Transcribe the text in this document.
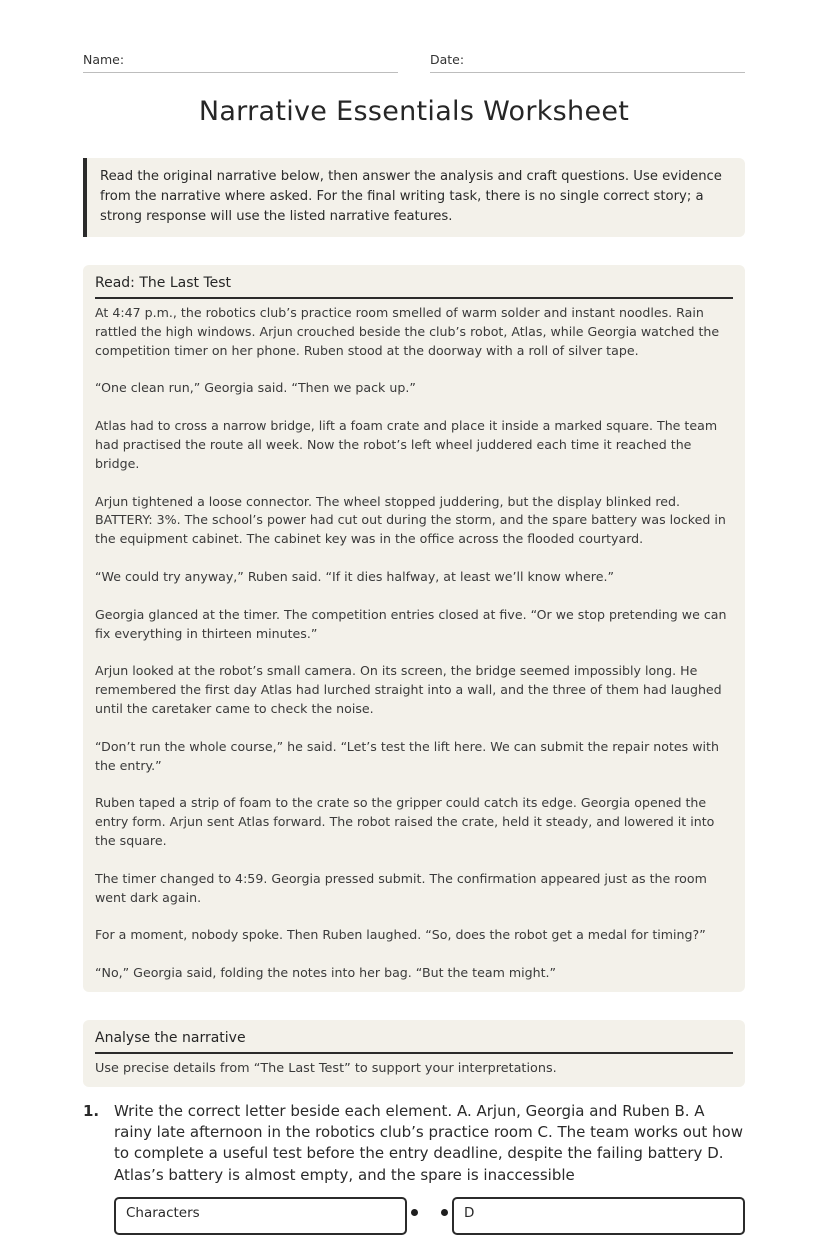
Name:	Date:
Narrative Essentials Worksheet
Read the original narrative below, then answer the analysis and craft questions. Use evidence from the narrative where asked. For the final writing task, there is no single correct story; a strong response will use the listed narrative features.
Read: The Last Test

At 4:47 p.m., the robotics club’s practice room smelled of warm solder and instant noodles. Rain rattled the high windows. Arjun crouched beside the club’s robot, Atlas, while Georgia watched the competition timer on her phone. Ruben stood at the doorway with a roll of silver tape.

“One clean run,” Georgia said. “Then we pack up.”

Atlas had to cross a narrow bridge, lift a foam crate and place it inside a marked square. The team had practised the route all week. Now the robot’s left wheel juddered each time it reached the bridge.

Arjun tightened a loose connector. The wheel stopped juddering, but the display blinked red. BATTERY: 3%. The school’s power had cut out during the storm, and the spare battery was locked in the equipment cabinet. The cabinet key was in the office across the flooded courtyard.

“We could try anyway,” Ruben said. “If it dies halfway, at least we’ll know where.”

Georgia glanced at the timer. The competition entries closed at five. “Or we stop pretending we can fix everything in thirteen minutes.”

Arjun looked at the robot’s small camera. On its screen, the bridge seemed impossibly long. He remembered the first day Atlas had lurched straight into a wall, and the three of them had laughed until the caretaker came to check the noise.

“Don’t run the whole course,” he said. “Let’s test the lift here. We can submit the repair notes with the entry.”

Ruben taped a strip of foam to the crate so the gripper could catch its edge. Georgia opened the entry form. Arjun sent Atlas forward. The robot raised the crate, held it steady, and lowered it into the square.

The timer changed to 4:59. Georgia pressed submit. The confirmation appeared just as the room went dark again.

For a moment, nobody spoke. Then Ruben laughed. “So, does the robot get a medal for timing?”

“No,” Georgia said, folding the notes into her bag. “But the team might.”

Analyse the narrative
Use precise details from “The Last Test” to support your interpretations.
1. Write the correct letter beside each element. A. Arjun, Georgia and Ruben B. A rainy late afternoon in the robotics club’s practice room C. The team works out how to complete a useful test before the entry deadline, despite the failing battery D. Atlas’s battery is almost empty, and the spare is inaccessible
Characters	D
